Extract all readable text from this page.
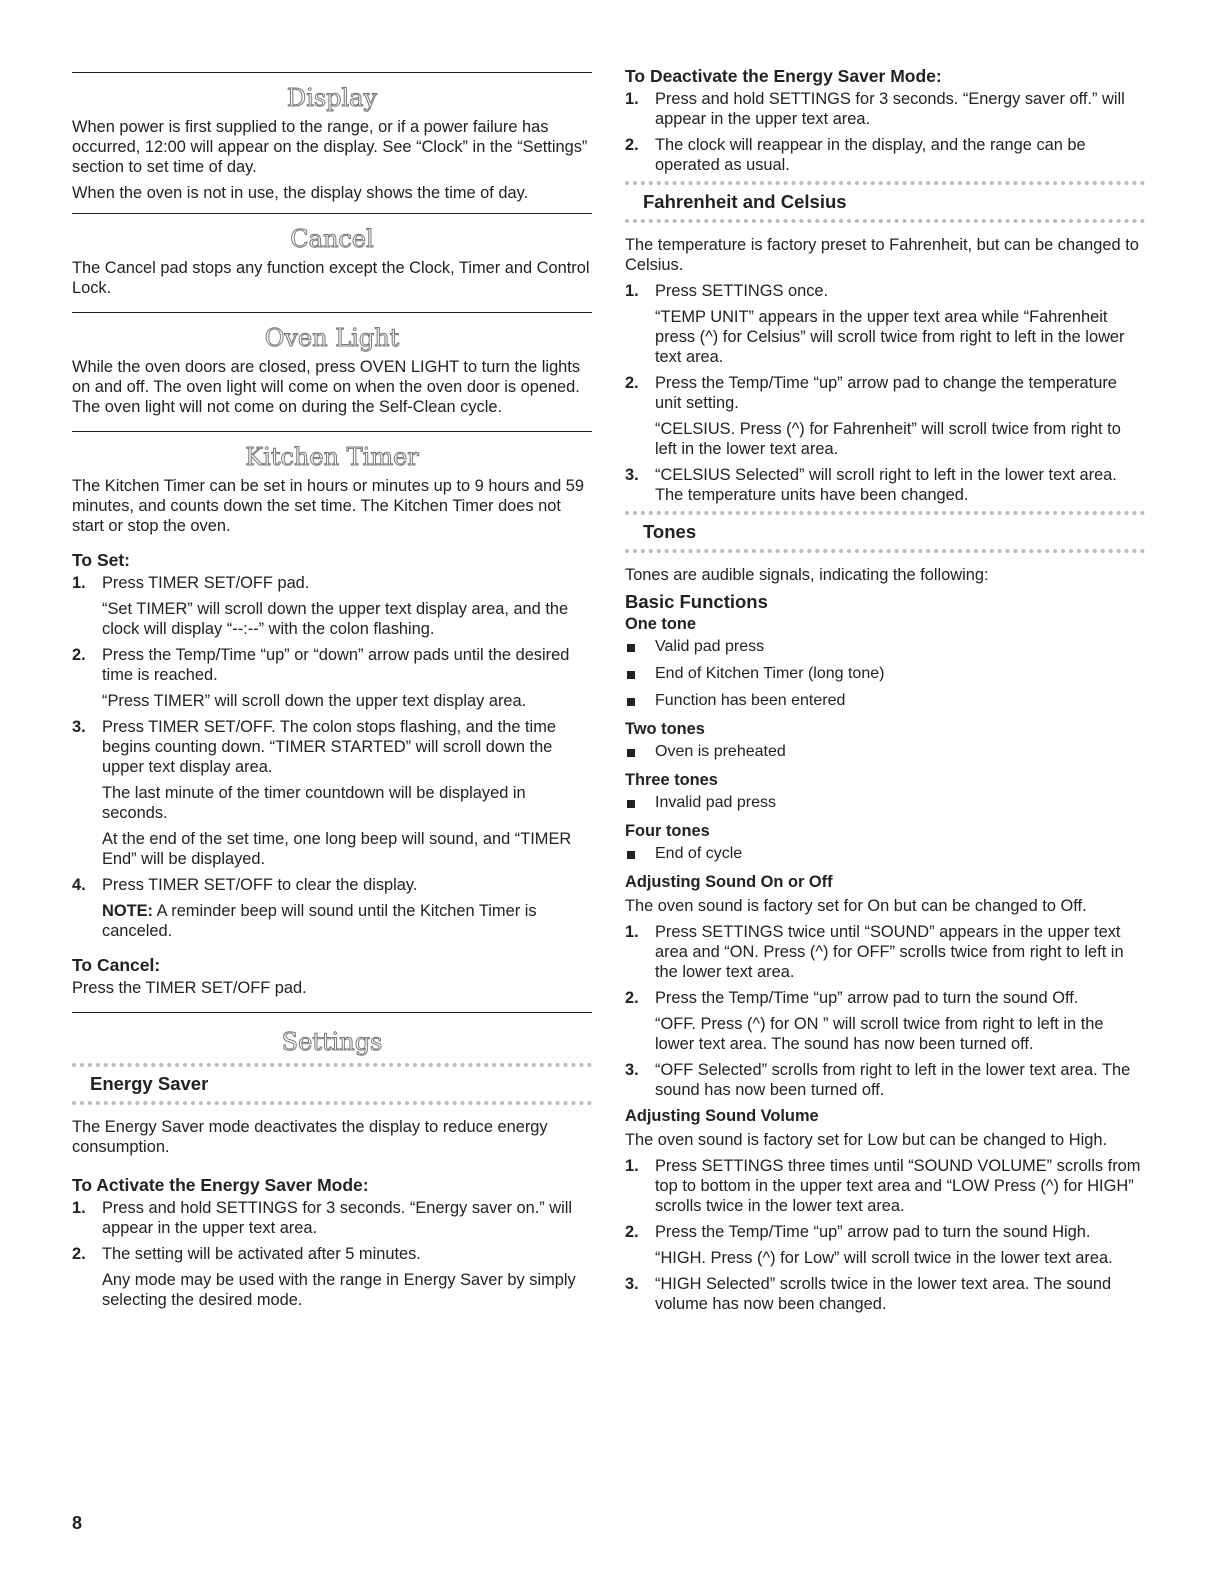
Display

When power is first supplied to the range, or if a power failure has occurred, 12:00 will appear on the display. See “Clock” in the “Settings” section to set time of day.

When the oven is not in use, the display shows the time of day.

Cancel

The Cancel pad stops any function except the Clock, Timer and Control Lock.

Oven Light

While the oven doors are closed, press OVEN LIGHT to turn the lights on and off. The oven light will come on when the oven door is opened. The oven light will not come on during the Self-Clean cycle.

Kitchen Timer

The Kitchen Timer can be set in hours or minutes up to 9 hours and 59 minutes, and counts down the set time. The Kitchen Timer does not start or stop the oven.

To Set:
1. Press TIMER SET/OFF pad.

“Set TIMER” will scroll down the upper text display area, and the clock will display “--:--” with the colon flashing.

2. Press the Temp/Time “up” or “down” arrow pads until the desired time is reached.

“Press TIMER” will scroll down the upper text display area.

3. Press TIMER SET/OFF. The colon stops flashing, and the time begins counting down. “TIMER STARTED” will scroll down the upper text display area.

The last minute of the timer countdown will be displayed in seconds.

At the end of the set time, one long beep will sound, and “TIMER End” will be displayed.

4. Press TIMER SET/OFF to clear the display.

NOTE: A reminder beep will sound until the Kitchen Timer is canceled.

To Cancel:

Press the TIMER SET/OFF pad.

Settings
Energy Saver

The Energy Saver mode deactivates the display to reduce energy consumption.

To Activate the Energy Saver Mode:
1. Press and hold SETTINGS for 3 seconds. “Energy saver on.” will appear in the upper text area.

2. The setting will be activated after 5 minutes.

Any mode may be used with the range in Energy Saver by simply selecting the desired mode.

To Deactivate the Energy Saver Mode:
1. Press and hold SETTINGS for 3 seconds. “Energy saver off.” will appear in the upper text area.

2. The clock will reappear in the display, and the range can be operated as usual.

Fahrenheit and Celsius

The temperature is factory preset to Fahrenheit, but can be changed to Celsius.

1. Press SETTINGS once.

“TEMP UNIT” appears in the upper text area while “Fahrenheit press (^) for Celsius” will scroll twice from right to left in the lower text area.

2. Press the Temp/Time “up” arrow pad to change the temperature unit setting.

“CELSIUS. Press (^) for Fahrenheit” will scroll twice from right to left in the lower text area.

3. “CELSIUS Selected” will scroll right to left in the lower text area. The temperature units have been changed.

Tones

Tones are audible signals, indicating the following:

Basic Functions
One tone
Valid pad press
End of Kitchen Timer (long tone)
Function has been entered
Two tones
Oven is preheated
Three tones
Invalid pad press
Four tones
End of cycle
Adjusting Sound On or Off

The oven sound is factory set for On but can be changed to Off.

1. Press SETTINGS twice until “SOUND” appears in the upper text area and “ON. Press (^) for OFF” scrolls twice from right to left in the lower text area.

2. Press the Temp/Time “up” arrow pad to turn the sound Off.

“OFF. Press (^) for ON ” will scroll twice from right to left in the lower text area. The sound has now been turned off.

3. “OFF Selected” scrolls from right to left in the lower text area. The sound has now been turned off.

Adjusting Sound Volume

The oven sound is factory set for Low but can be changed to High.

1. Press SETTINGS three times until “SOUND VOLUME” scrolls from top to bottom in the upper text area and “LOW Press (^) for HIGH” scrolls twice in the lower text area.

2. Press the Temp/Time “up” arrow pad to turn the sound High.

“HIGH. Press (^) for Low” will scroll twice in the lower text area.

3. “HIGH Selected” scrolls twice in the lower text area. The sound volume has now been changed.

8
